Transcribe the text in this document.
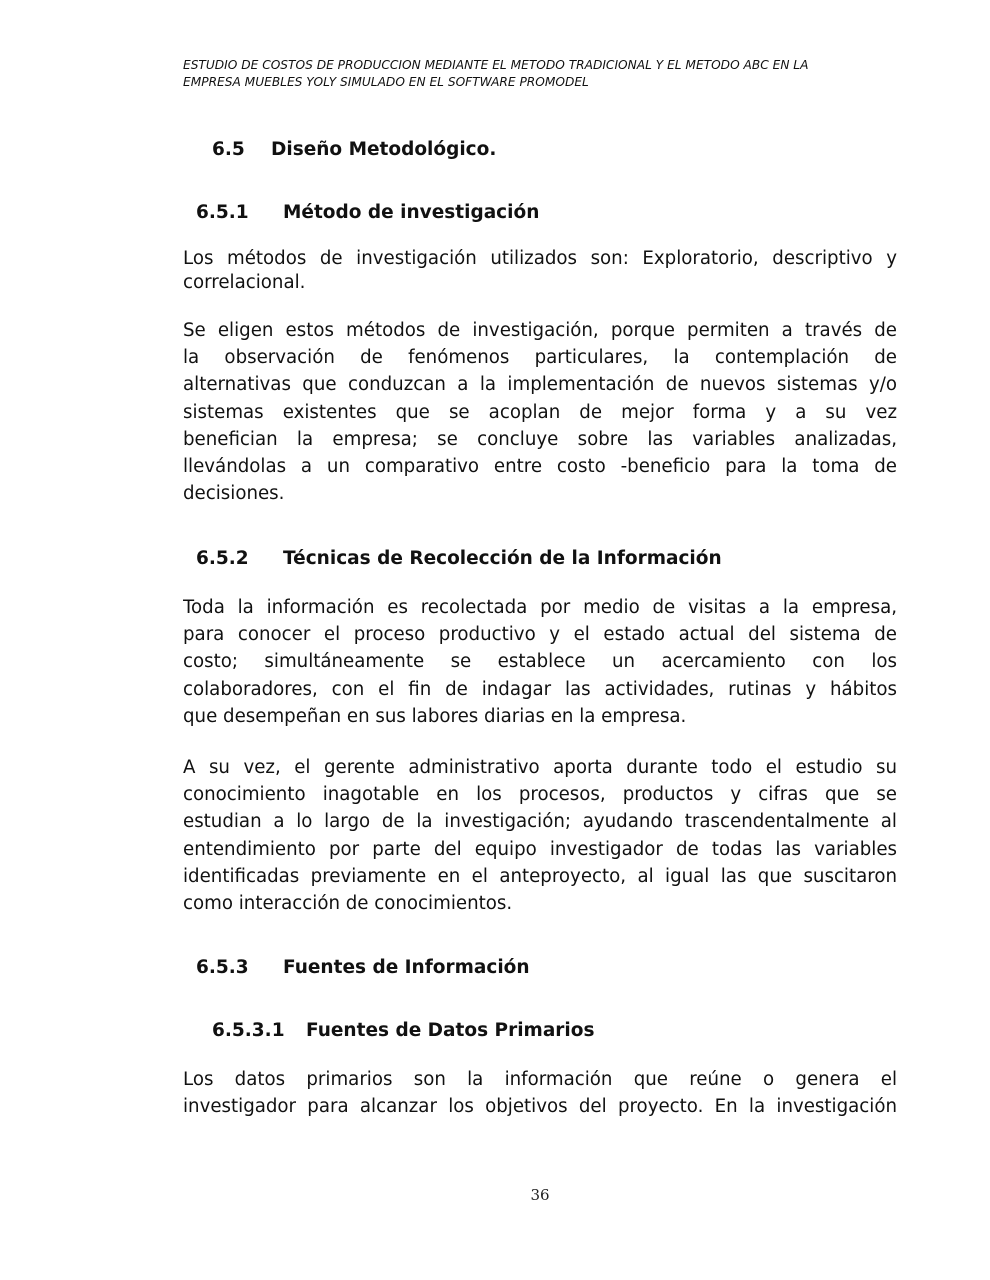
ESTUDIO DE COSTOS DE PRODUCCION MEDIANTE EL METODO TRADICIONAL Y EL METODO ABC EN LA
EMPRESA MUEBLES YOLY SIMULADO EN EL SOFTWARE PROMODEL
6.5 Diseño Metodológico.
6.5.1 Método de investigación
Los métodos de investigación utilizados son: Exploratorio, descriptivo y
correlacional.
Se eligen estos métodos de investigación, porque permiten a través de
la observación de fenómenos particulares, la contemplación de
alternativas que conduzcan a la implementación de nuevos sistemas y/o
sistemas existentes que se acoplan de mejor forma y a su vez
benefician la empresa; se concluye sobre las variables analizadas,
llevándolas a un comparativo entre costo -beneficio para la toma de
decisiones.
6.5.2 Técnicas de Recolección de la Información
Toda la información es recolectada por medio de visitas a la empresa,
para conocer el proceso productivo y el estado actual del sistema de
costo; simultáneamente se establece un acercamiento con los
colaboradores, con el fin de indagar las actividades, rutinas y hábitos
que desempeñan en sus labores diarias en la empresa.
A su vez, el gerente administrativo aporta durante todo el estudio su
conocimiento inagotable en los procesos, productos y cifras que se
estudian a lo largo de la investigación; ayudando trascendentalmente al
entendimiento por parte del equipo investigador de todas las variables
identificadas previamente en el anteproyecto, al igual las que suscitaron
como interacción de conocimientos.
6.5.3 Fuentes de Información
6.5.3.1 Fuentes de Datos Primarios
Los datos primarios son la información que reúne o genera el
investigador para alcanzar los objetivos del proyecto. En la investigación
36
